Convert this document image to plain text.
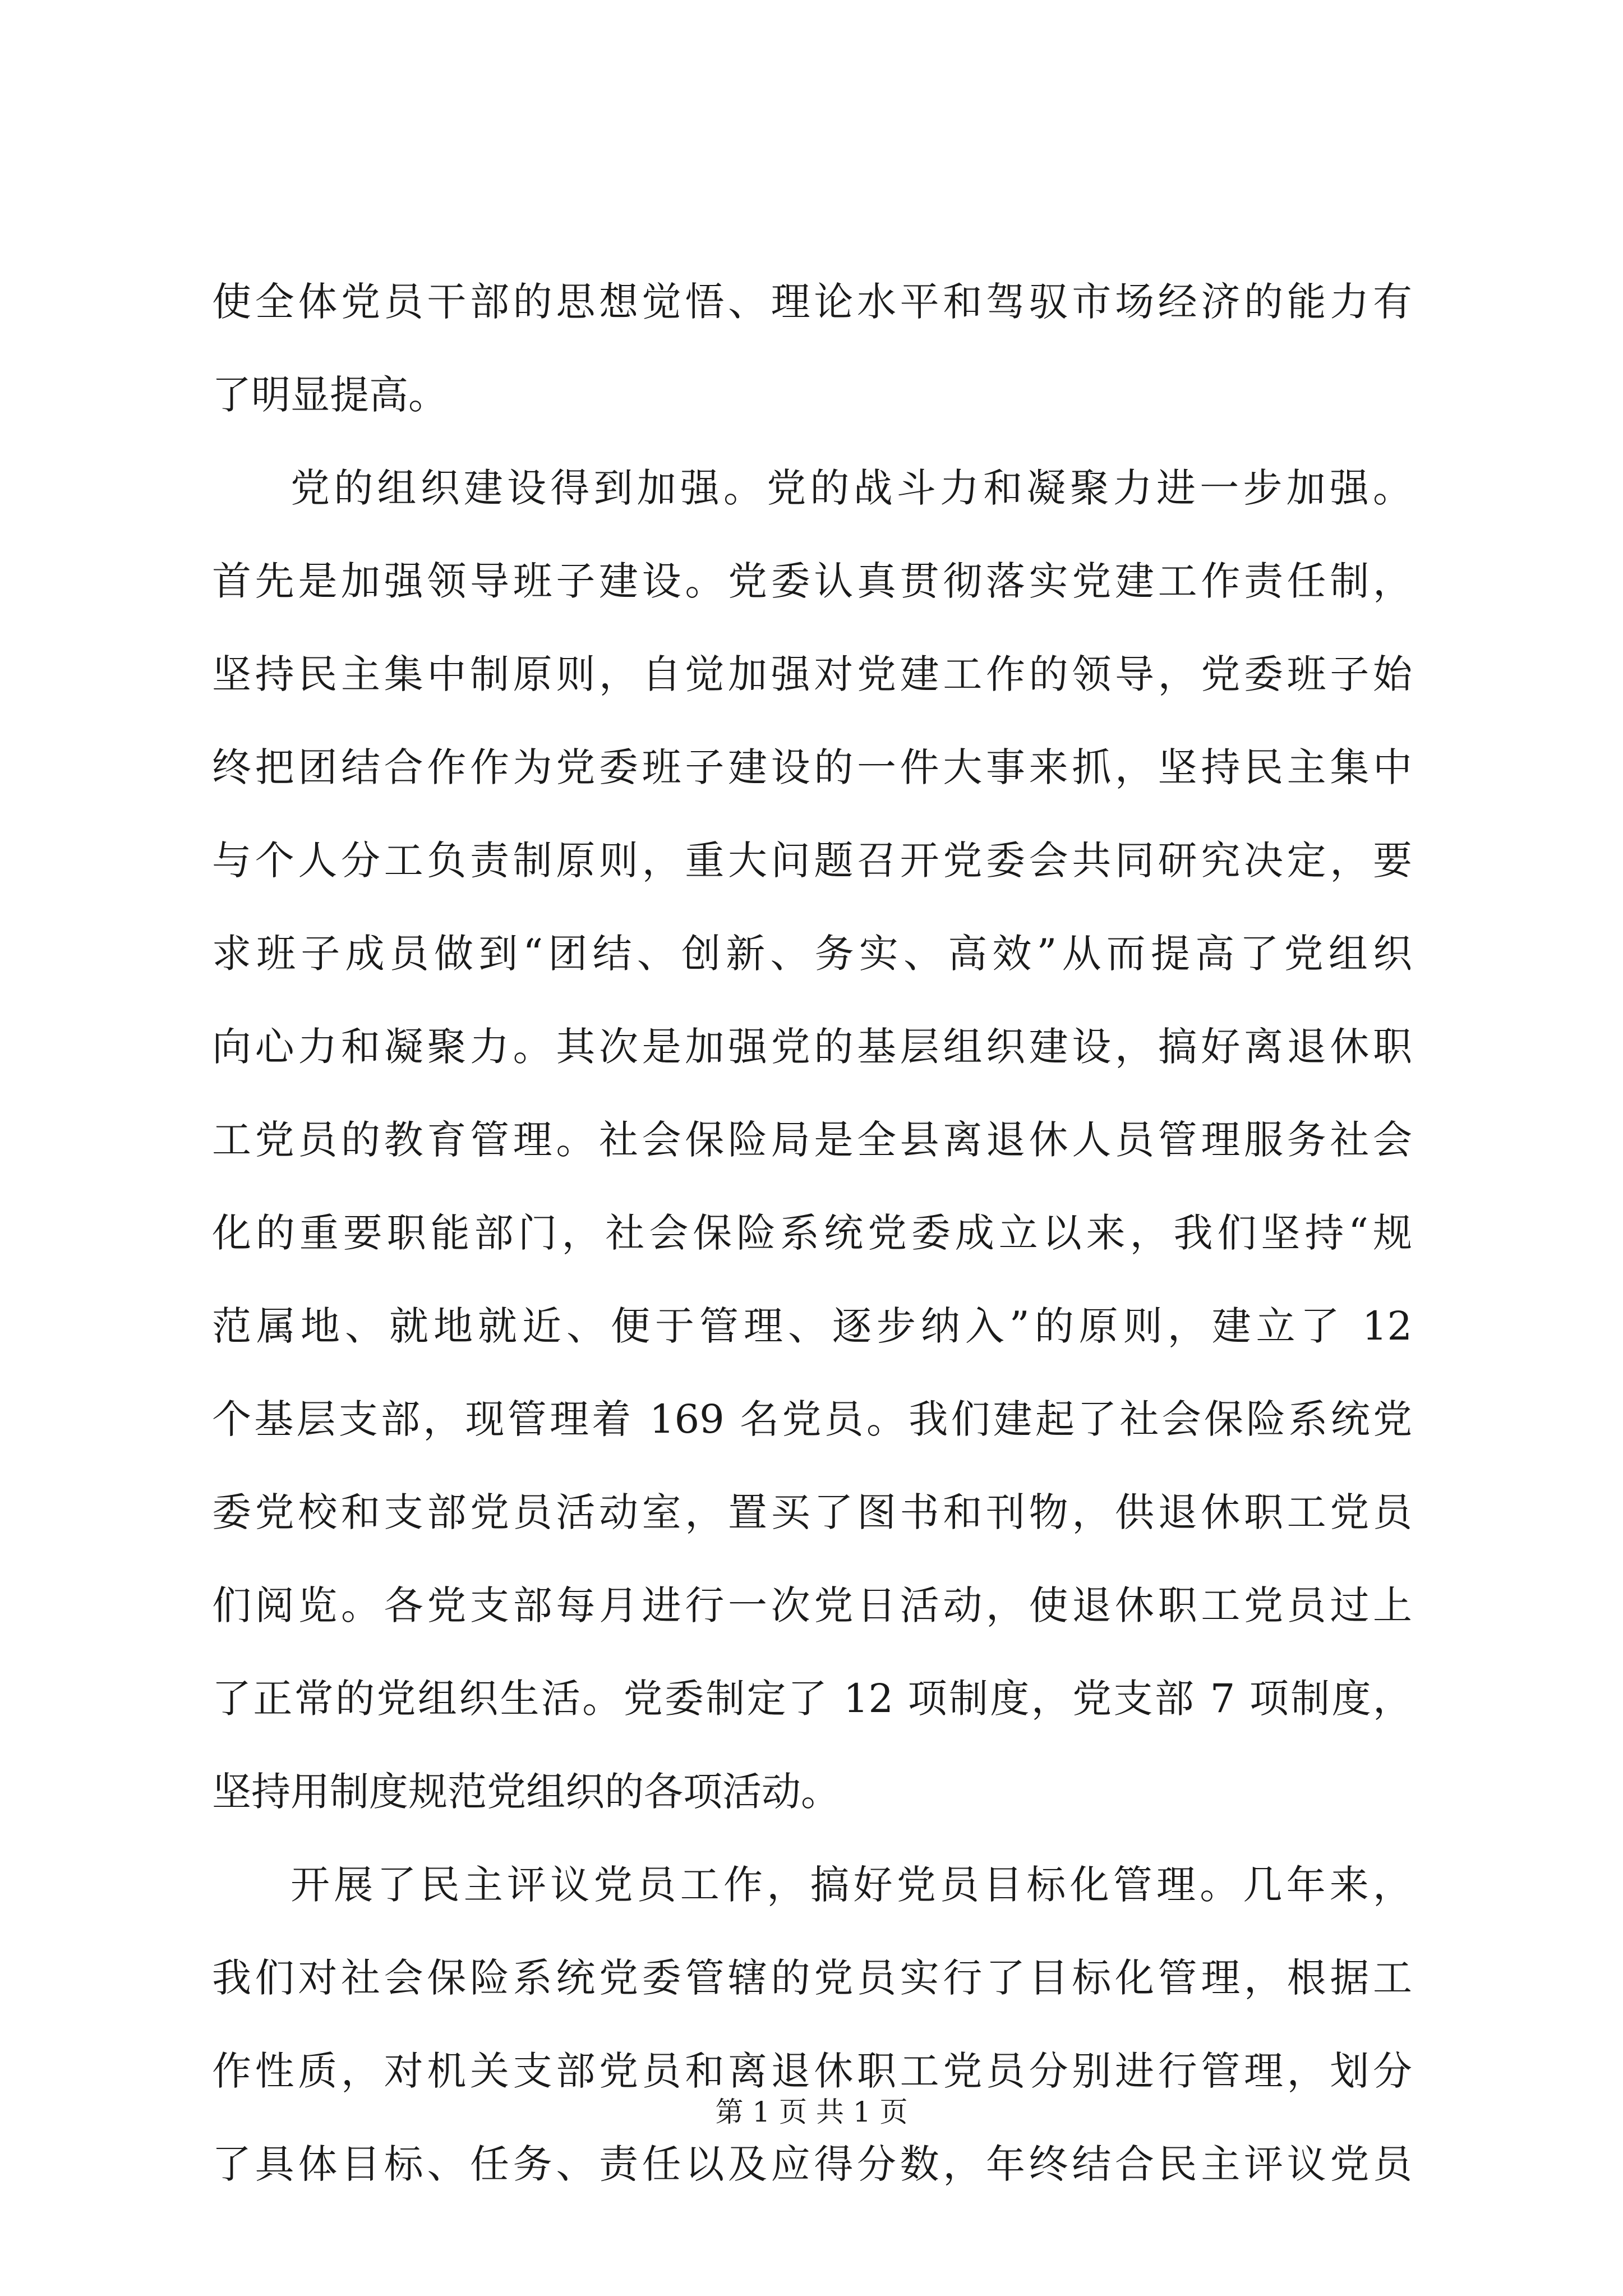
使全体党员干部的思想觉悟、理论水平和驾驭市场经济的能力有
了明显提高。
党的组织建设得到加强。党的战斗力和凝聚力进一步加强。
首先是加强领导班子建设。党委认真贯彻落实党建工作责任制，
坚持民主集中制原则，自觉加强对党建工作的领导，党委班子始
终把团结合作作为党委班子建设的一件大事来抓，坚持民主集中
与个人分工负责制原则，重大问题召开党委会共同研究决定，要
求班子成员做到“团结、创新、务实、高效”从而提高了党组织
向心力和凝聚力。其次是加强党的基层组织建设，搞好离退休职
工党员的教育管理。社会保险局是全县离退休人员管理服务社会
化的重要职能部门，社会保险系统党委成立以来，我们坚持“规
范属地、就地就近、便于管理、逐步纳入”的原则，建立了 12
个基层支部，现管理着 169 名党员。我们建起了社会保险系统党
委党校和支部党员活动室，置买了图书和刊物，供退休职工党员
们阅览。各党支部每月进行一次党日活动，使退休职工党员过上
了正常的党组织生活。党委制定了 12 项制度，党支部 7 项制度，
坚持用制度规范党组织的各项活动。
开展了民主评议党员工作，搞好党员目标化管理。几年来，
我们对社会保险系统党委管辖的党员实行了目标化管理，根据工
作性质，对机关支部党员和离退休职工党员分别进行管理，划分
了具体目标、任务、责任以及应得分数，年终结合民主评议党员
第 1 页 共 1 页
